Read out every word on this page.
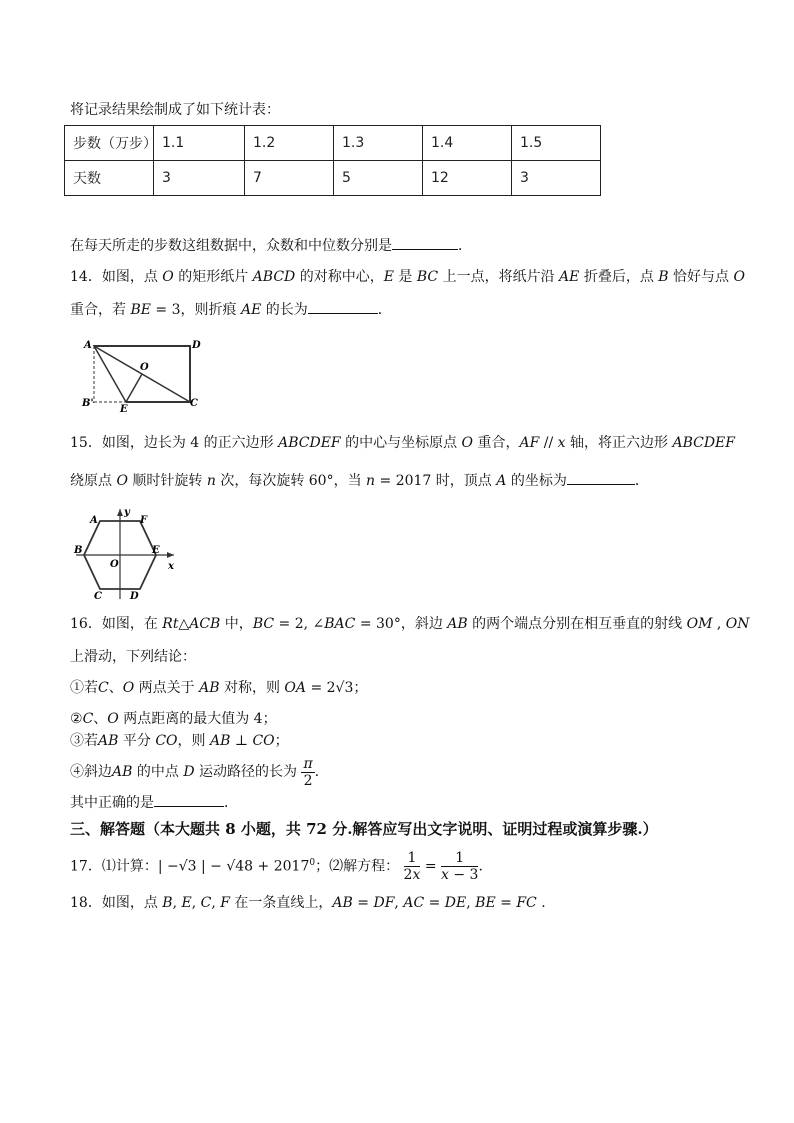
将记录结果绘制成了如下统计表：
步数（万步）	1.1	1.2	1.3	1.4	1.5
天数	3	7	5	12	3
在每天所走的步数这组数据中，众数和中位数分别是	．
14．如图，点 O 的矩形纸片 ABCD 的对称中心，E 是 BC 上一点，将纸片沿 AE 折叠后，点 B 恰好与点 O
重合，若 BE = 3，则折痕 AE 的长为	．
A	D
O
B'
E
C
15．如图，边长为 4 的正六边形 ABCDEF 的中心与坐标原点 O 重合，AF // x 轴，将正六边形 ABCDEF
绕原点 O 顺时针旋转 n 次，每次旋转 60°，当 n = 2017 时，顶点 A 的坐标为	．
y
A	F
B	E
x
O
C	D
16．如图，在 Rt△ACB 中，BC = 2, ∠BAC = 30°，斜边 AB 的两个端点分别在相互垂直的射线 OM , ON
上滑动，下列结论：
①若C、O 两点关于 AB 对称，则 OA = 2√3；
②C、O 两点距离的最大值为 4；
③若AB 平分 CO，则 AB ⊥ CO；
④斜边AB 的中点 D 运动路径的长为 $\frac{\pi}{2}$ .
其中正确的是	．
三、解答题（本大题共 8 小题，共 72 分.解答应写出文字说明、证明过程或演算步骤.）
17．⑴计算：| −√3 | − $√48 + 2017^0$；⑵解方程： $\frac{1}{2x} = \frac{1}{x - 3}$ .
18．如图，点 B, E, C, F 在一条直线上，AB = DF, AC = DE, BE = FC .
